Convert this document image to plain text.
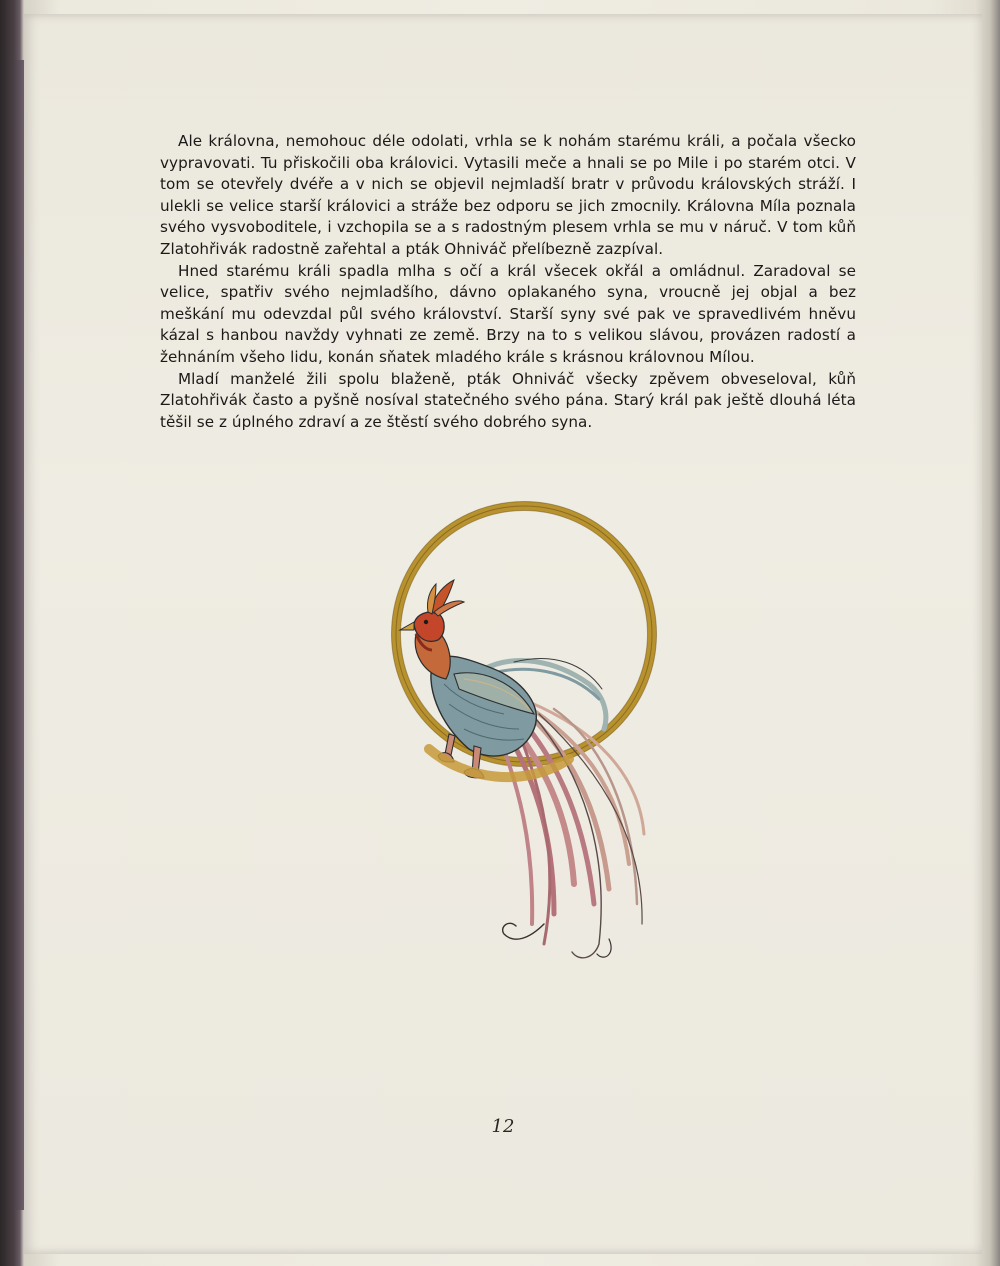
Ale královna, nemohouc déle odolati, vrhla se k nohám starému králi, a počala všecko vypravovati. Tu přiskočili oba královici. Vytasili meče a hnali se po Mile i po starém otci. V tom se otevřely dvéře a v nich se objevil nejmladší bratr v průvodu královských stráží. I ulekli se velice starší královici a stráže bez odporu se jich zmocnily. Královna Míla poznala svého vysvoboditele, i vzchopila se a s radostným plesem vrhla se mu v náruč. V tom kůň Zlatohřivák radostně zařehtal a pták Ohniváč přelíbezně zazpíval.

Hned starému králi spadla mlha s očí a král všecek okřál a omládnul. Zaradoval se velice, spatřiv svého nejmladšího, dávno oplakaného syna, vroucně jej objal a bez meškání mu odevzdal půl svého království. Starší syny své pak ve spravedlivém hněvu kázal s hanbou navždy vyhnati ze země. Brzy na to s velikou slávou, provázen radostí a žehnáním všeho lidu, konán sňatek mladého krále s krásnou královnou Mílou.

Mladí manželé žili spolu blaženě, pták Ohniváč všecky zpěvem obveseloval, kůň Zlatohřivák často a pyšně nosíval statečného svého pána. Starý král pak ještě dlouhá léta těšil se z úplného zdraví a ze štěstí svého dobrého syna.

12
